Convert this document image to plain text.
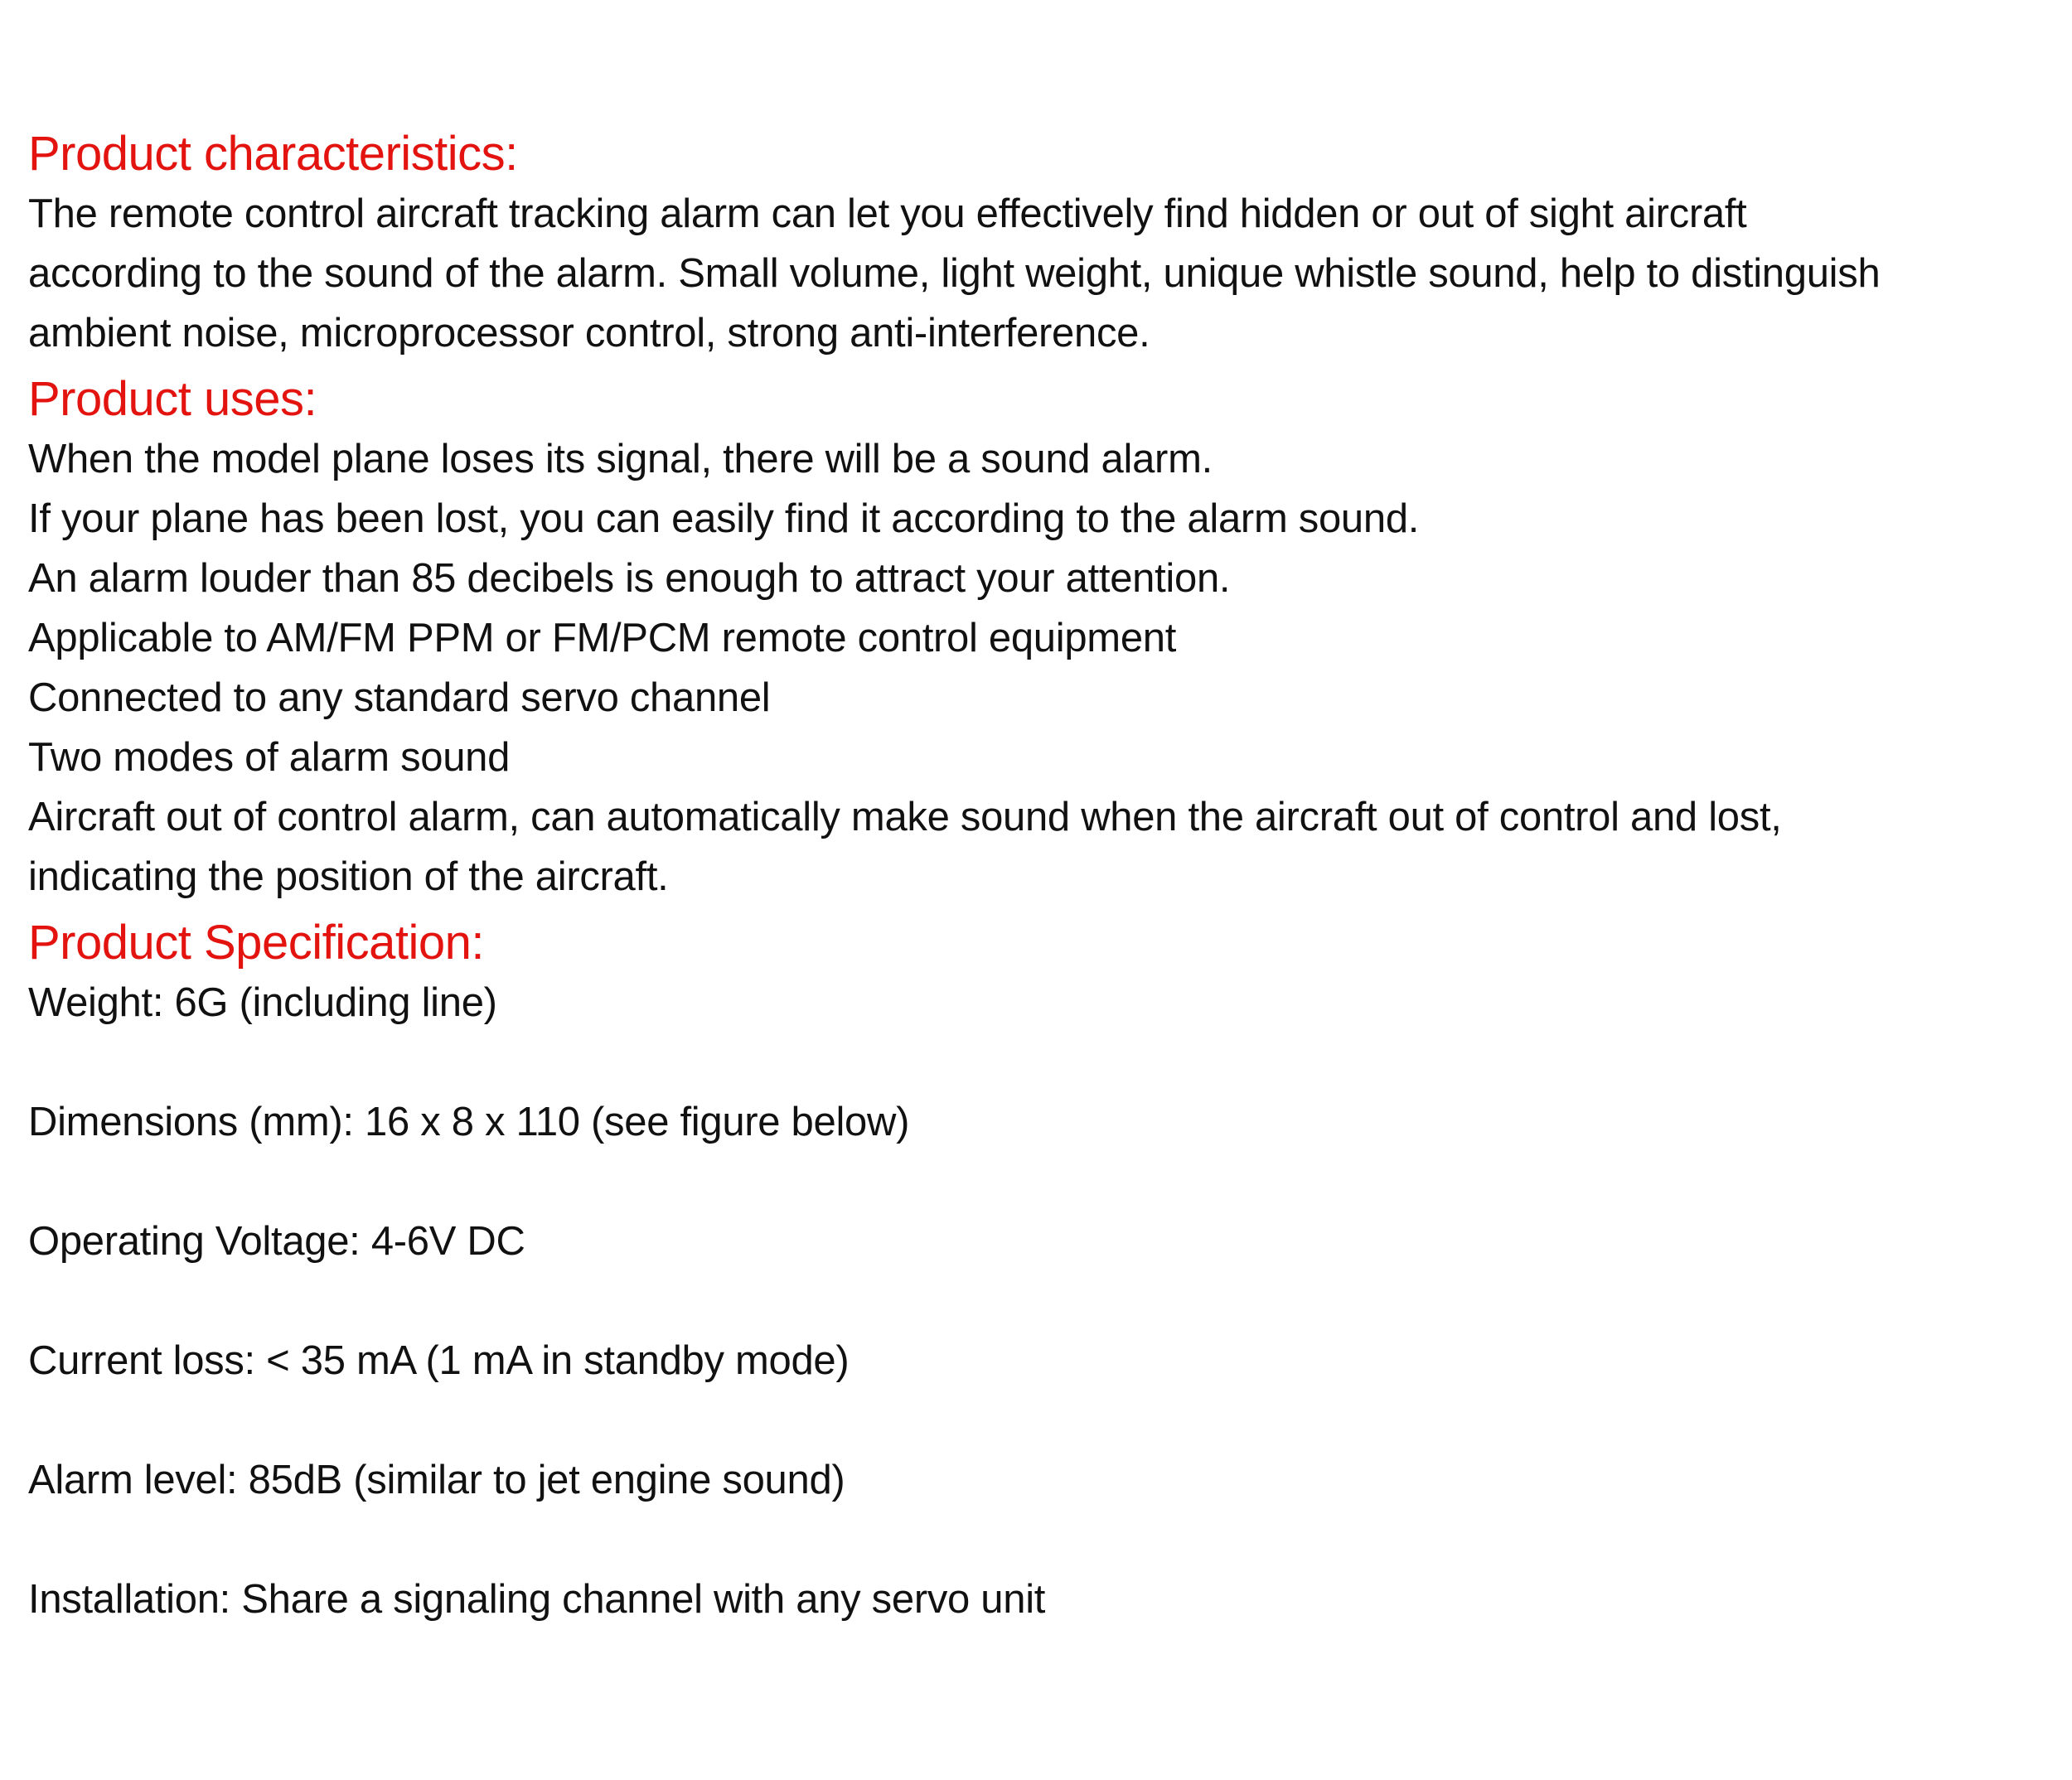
Product characteristics:
The remote control aircraft tracking alarm can let you effectively find hidden or out of sight aircraft
according to the sound of the alarm. Small volume, light weight, unique whistle sound, help to distinguish
ambient noise, microprocessor control, strong anti-interference.
Product uses:
When the model plane loses its signal, there will be a sound alarm.
If your plane has been lost, you can easily find it according to the alarm sound.
An alarm louder than 85 decibels is enough to attract your attention.
Applicable to AM/FM PPM or FM/PCM remote control equipment
Connected to any standard servo channel
Two modes of alarm sound
Aircraft out of control alarm, can automatically make sound when the aircraft out of control and lost,
indicating the position of the aircraft.
Product Specification:
Weight: 6G (including line)
Dimensions (mm): 16 x 8 x 110 (see figure below)
Operating Voltage: 4-6V DC
Current loss: < 35 mA (1 mA in standby mode)
Alarm level: 85dB (similar to jet engine sound)
Installation: Share a signaling channel with any servo unit
